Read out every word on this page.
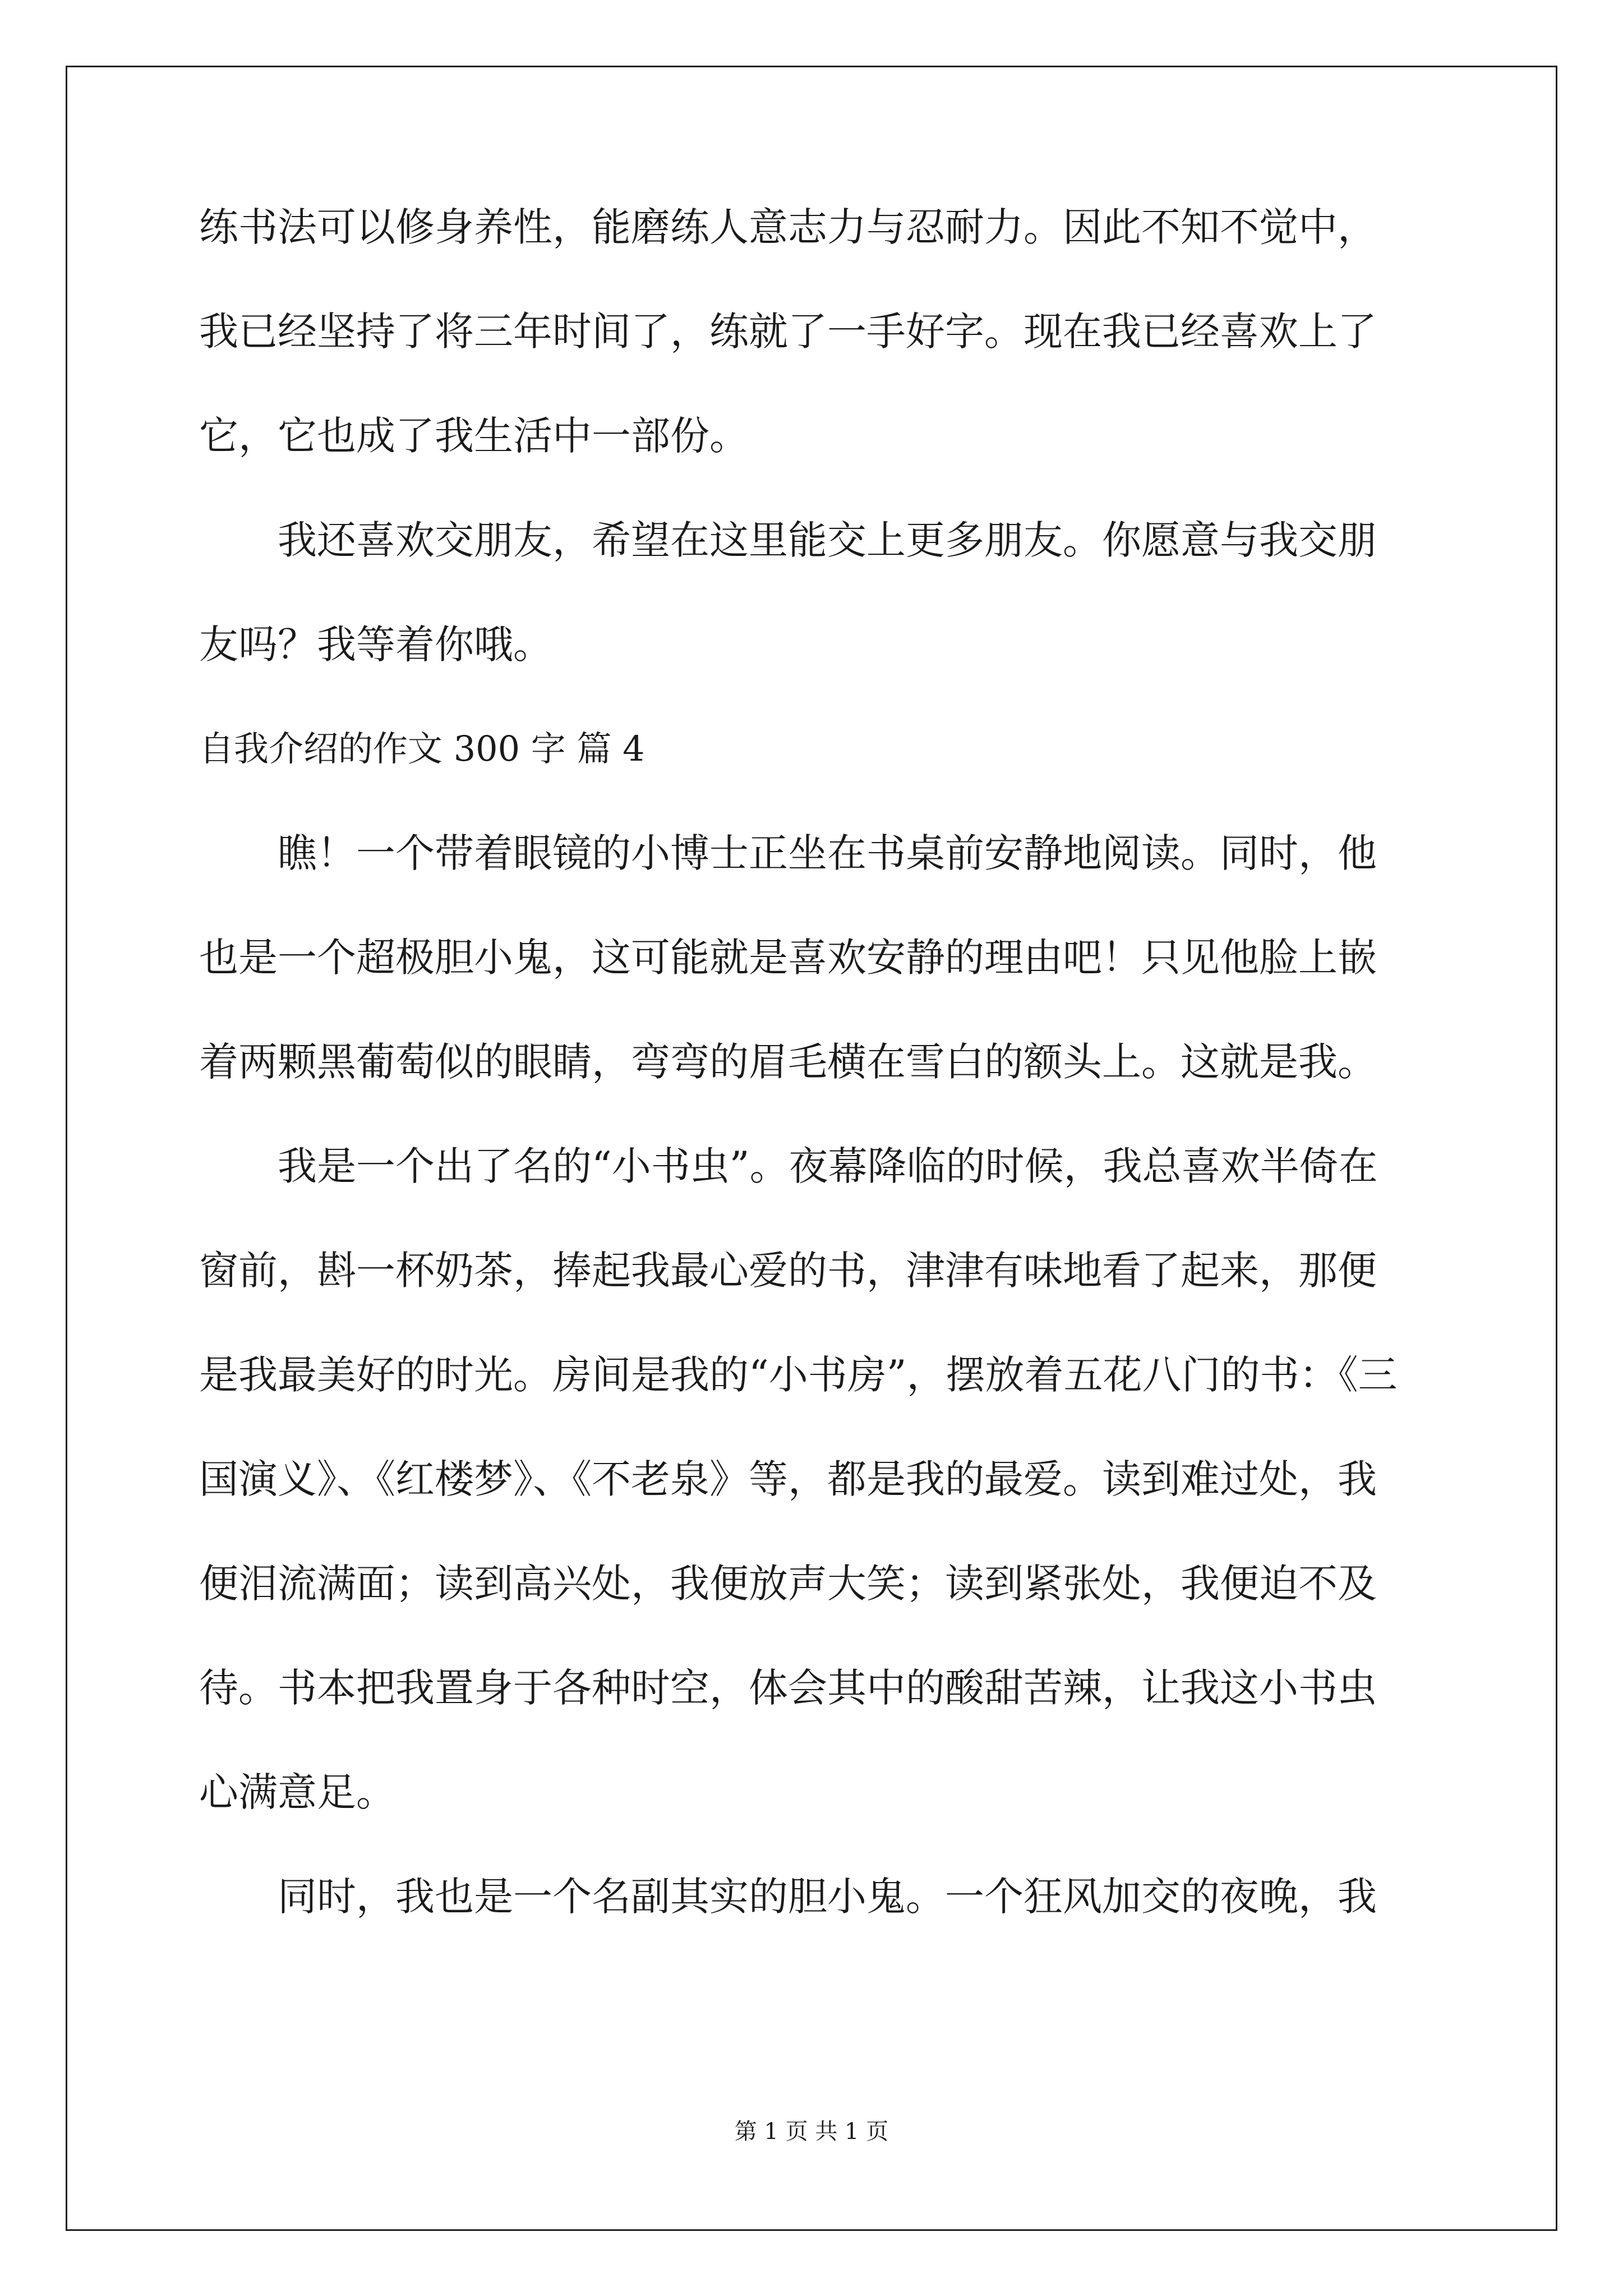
练书法可以修身养性，能磨练人意志力与忍耐力。因此不知不觉中，

我已经坚持了将三年时间了，练就了一手好字。现在我已经喜欢上了

它，它也成了我生活中一部份。

我还喜欢交朋友，希望在这里能交上更多朋友。你愿意与我交朋

友吗？我等着你哦。

自我介绍的作文 300 字 篇 4

瞧！一个带着眼镜的小博士正坐在书桌前安静地阅读。同时，他

也是一个超极胆小鬼，这可能就是喜欢安静的理由吧！只见他脸上嵌

着两颗黑葡萄似的眼睛，弯弯的眉毛横在雪白的额头上。这就是我。

我是一个出了名的“小书虫”。夜幕降临的时候，我总喜欢半倚在

窗前，斟一杯奶茶，捧起我最心爱的书，津津有味地看了起来，那便

是我最美好的时光。房间是我的“小书房”，摆放着五花八门的书：《三

国演义》、《红楼梦》、《不老泉》等，都是我的最爱。读到难过处，我

便泪流满面；读到高兴处，我便放声大笑；读到紧张处，我便迫不及

待。书本把我置身于各种时空，体会其中的酸甜苦辣，让我这小书虫

心满意足。

同时，我也是一个名副其实的胆小鬼。一个狂风加交的夜晚，我

第 1 页 共 1 页
